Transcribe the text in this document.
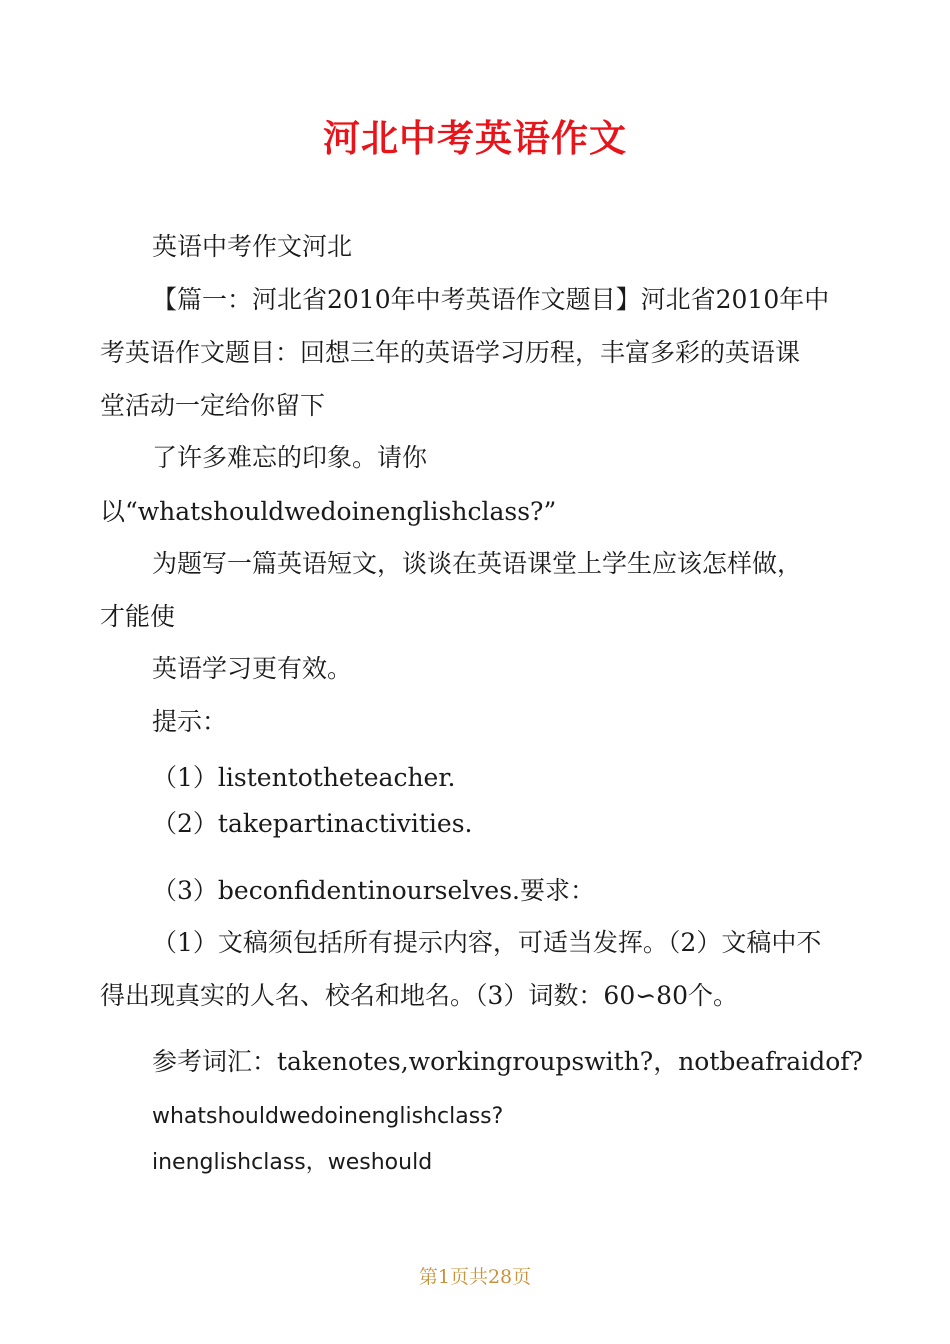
河北中考英语作文
英语中考作文河北
【篇一：河北省2010年中考英语作文题目】河北省2010年中
考英语作文题目：回想三年的英语学习历程，丰富多彩的英语课
堂活动一定给你留下
了许多难忘的印象。请你
以“whatshouldwedoinenglishclass?”
为题写一篇英语短文，谈谈在英语课堂上学生应该怎样做，
才能使
英语学习更有效。
提示：
（1）listentotheteacher.
（2）takepartinactivities.
（3）beconfidentinourselves.要求：
（1）文稿须包括所有提示内容，可适当发挥。（2）文稿中不
得出现真实的人名、校名和地名。（3）词数：60∽80个。
参考词汇：takenotes,workingroupswith?，notbeafraidof?
whatshouldwedoinenglishclass?
inenglishclass，weshould
第1页共28页
